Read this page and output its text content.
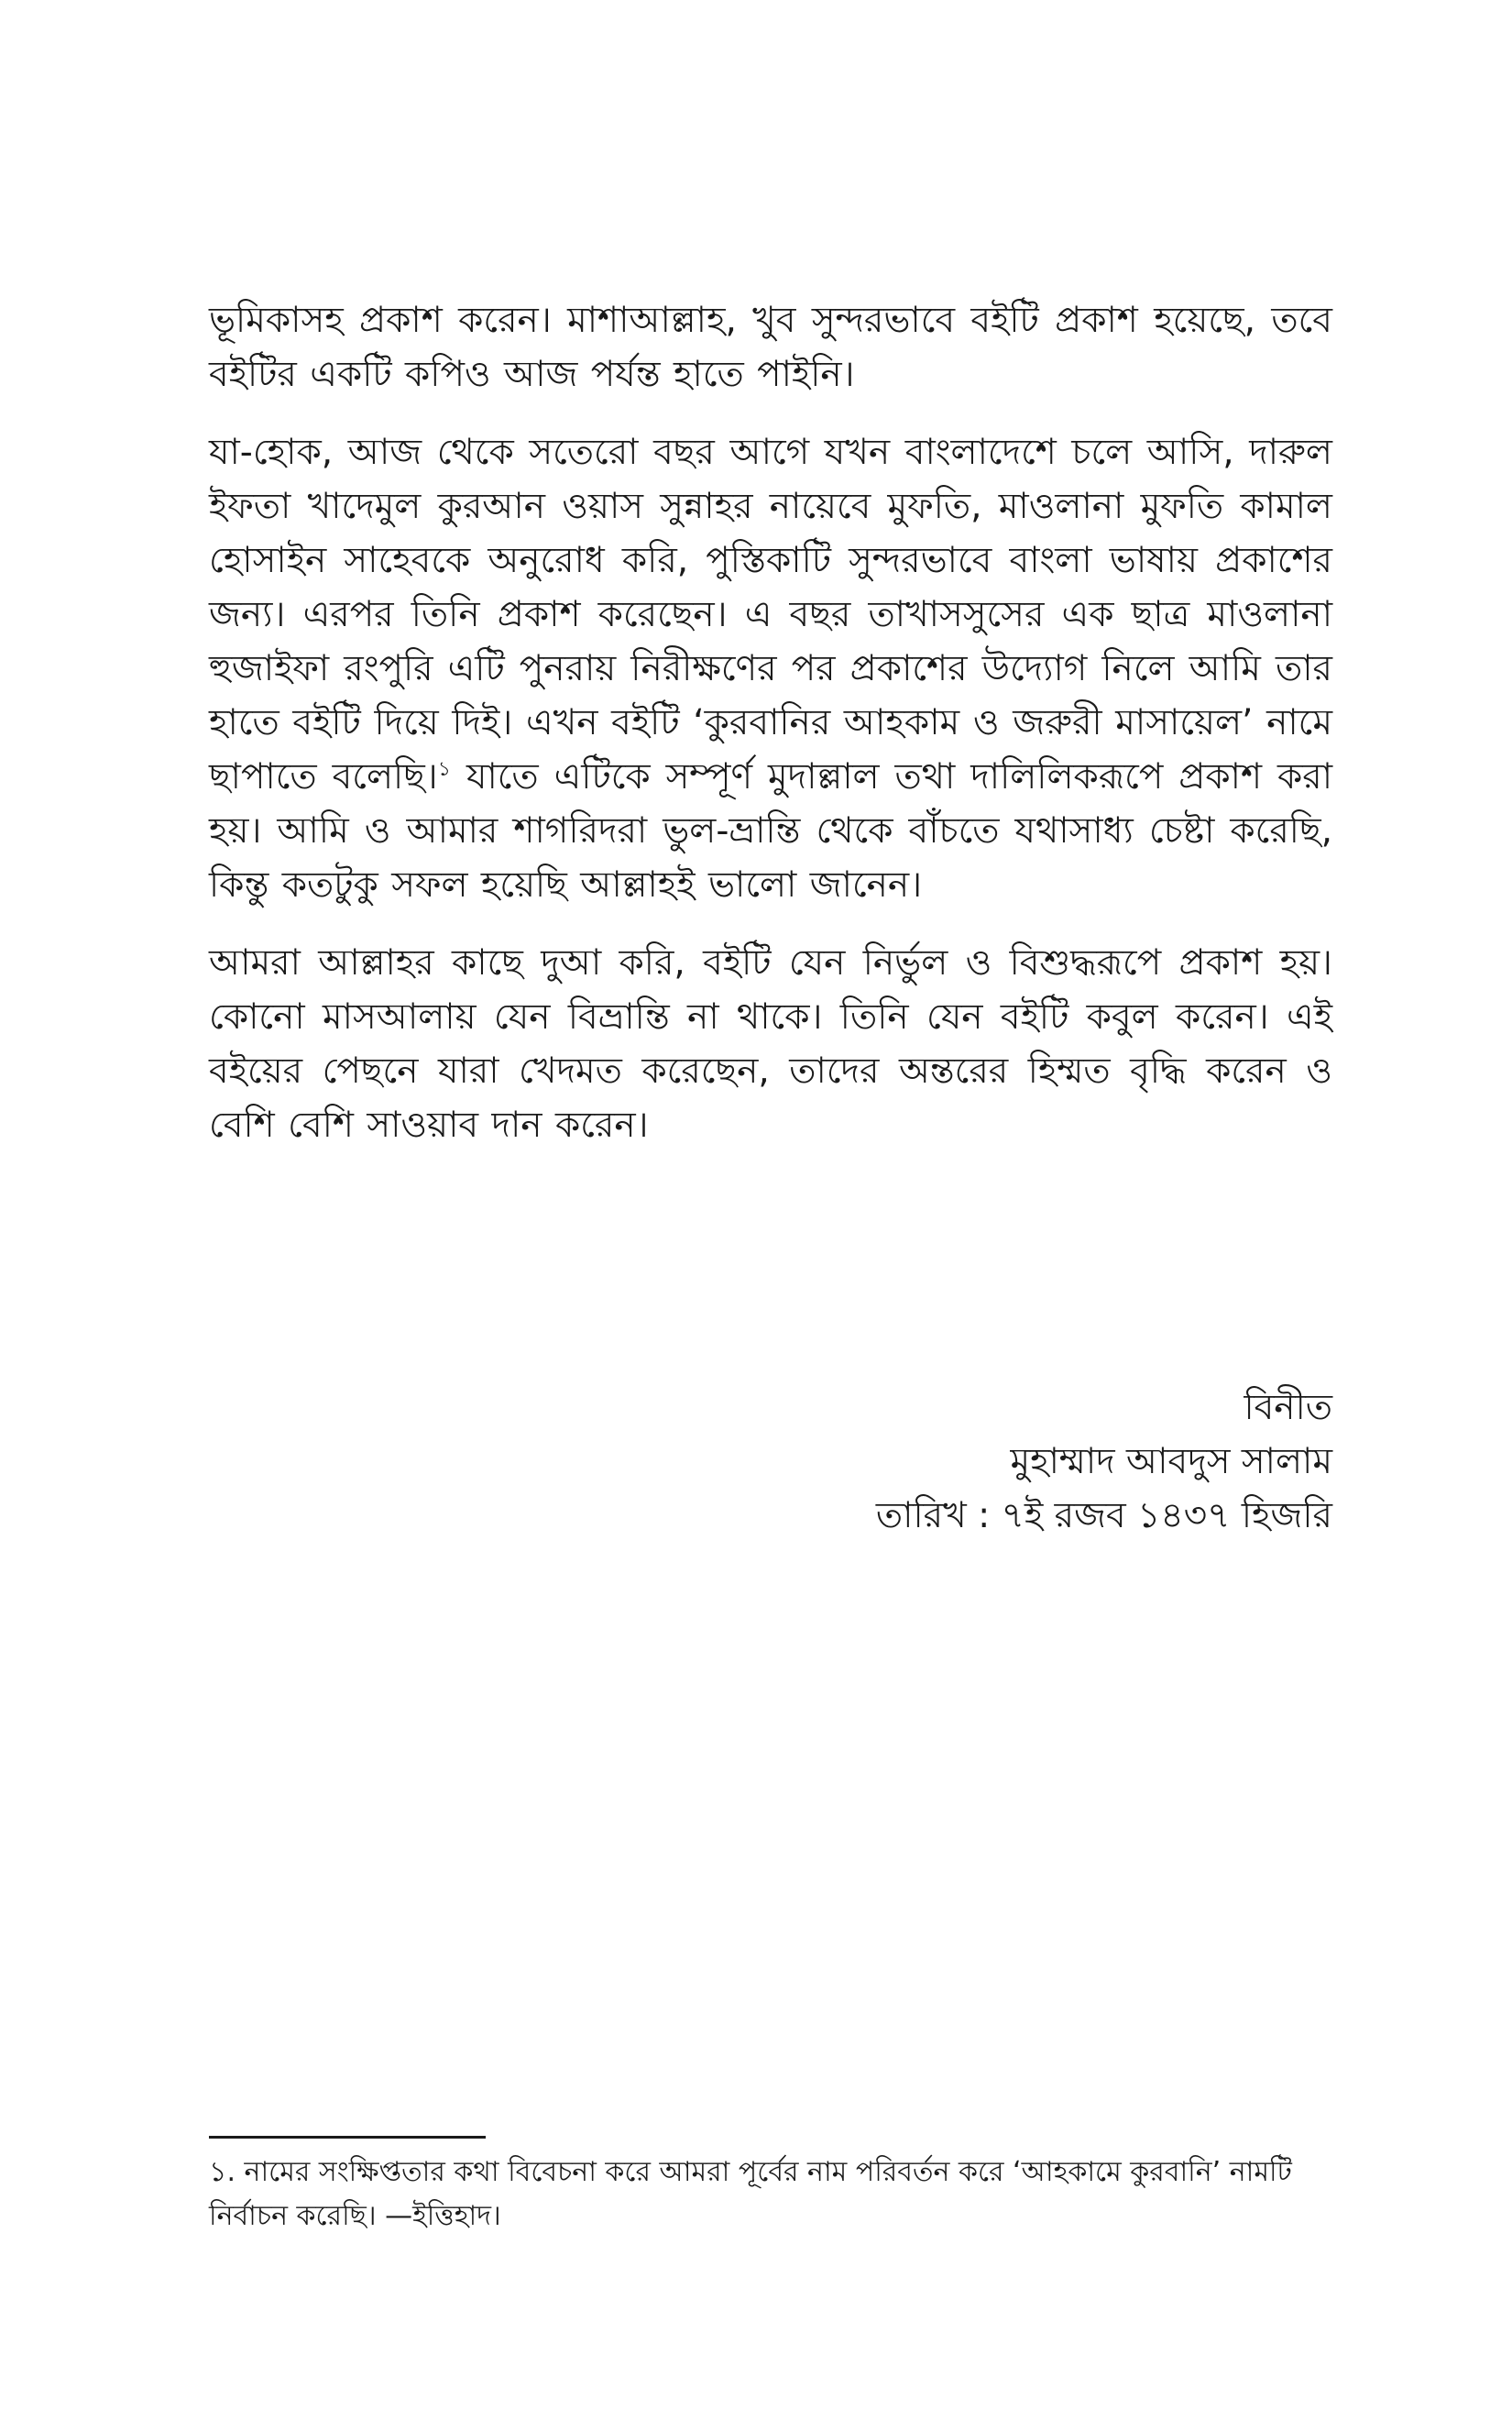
ভূমিকাসহ প্রকাশ করেন। মাশাআল্লাহ, খুব সুন্দরভাবে বইটি প্রকাশ হয়েছে, তবে বইটির একটি কপিও আজ পর্যন্ত হাতে পাইনি।

যা-হোক, আজ থেকে সতেরো বছর আগে যখন বাংলাদেশে চলে আসি, দারুল ইফতা খাদেমুল কুরআন ওয়াস সুন্নাহর নায়েবে মুফতি, মাওলানা মুফতি কামাল হোসাইন সাহেবকে অনুরোধ করি, পুস্তিকাটি সুন্দরভাবে বাংলা ভাষায় প্রকাশের জন্য। এরপর তিনি প্রকাশ করেছেন। এ বছর তাখাসসুসের এক ছাত্র মাওলানা হুজাইফা রংপুরি এটি পুনরায় নিরীক্ষণের পর প্রকাশের উদ্যোগ নিলে আমি তার হাতে বইটি দিয়ে দিই। এখন বইটি ‘কুরবানির আহকাম ও জরুরী মাসায়েল’ নামে ছাপাতে বলেছি।$^১$ যাতে এটিকে সম্পূর্ণ মুদাল্লাল তথা দালিলিকরূপে প্রকাশ করা হয়। আমি ও আমার শাগরিদরা ভুল-ভ্রান্তি থেকে বাঁচতে যথাসাধ্য চেষ্টা করেছি, কিন্তু কতটুকু সফল হয়েছি আল্লাহই ভালো জানেন।

আমরা আল্লাহর কাছে দুআ করি, বইটি যেন নির্ভুল ও বিশুদ্ধরূপে প্রকাশ হয়। কোনো মাসআলায় যেন বিভ্রান্তি না থাকে। তিনি যেন বইটি কবুল করেন। এই বইয়ের পেছনে যারা খেদমত করেছেন, তাদের অন্তরের হিম্মত বৃদ্ধি করেন ও বেশি বেশি সাওয়াব দান করেন।

বিনীত
মুহাম্মাদ আবদুস সালাম
তারিখ : ৭ই রজব ১৪৩৭ হিজরি

১. নামের সংক্ষিপ্ততার কথা বিবেচনা করে আমরা পূর্বের নাম পরিবর্তন করে ‘আহকামে কুরবানি’ নামটি নির্বাচন করেছি। —ইত্তিহাদ।
